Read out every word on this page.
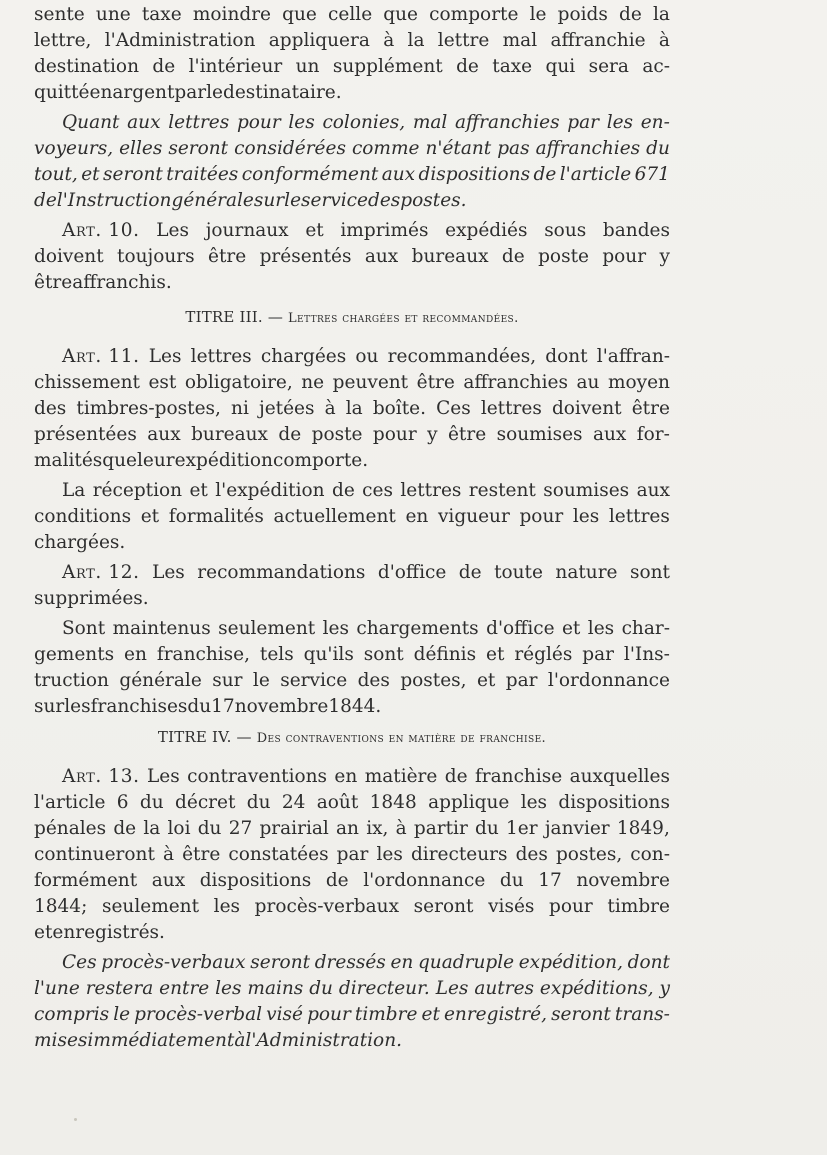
sente une taxe moindre que celle que comporte le poids de la
lettre, l'Administration appliquera à la lettre mal affranchie à
destination de l'intérieur un supplément de taxe qui sera ac-
quitté en argent par le destinataire.
Quant aux lettres pour les colonies, mal affranchies par les en-
voyeurs, elles seront considérées comme n'étant pas affranchies du
tout, et seront traitées conformément aux dispositions de l'article 671
de l'Instruction générale sur le service des postes.
Art. 10. Les journaux et imprimés expédiés sous bandes
doivent toujours être présentés aux bureaux de poste pour y
être affranchis.
TITRE III. — Lettres chargées et recommandées.
Art. 11. Les lettres chargées ou recommandées, dont l'affran-
chissement est obligatoire, ne peuvent être affranchies au moyen
des timbres-postes, ni jetées à la boîte. Ces lettres doivent être
présentées aux bureaux de poste pour y être soumises aux for-
malités que leur expédition comporte.
La réception et l'expédition de ces lettres restent soumises aux
conditions et formalités actuellement en vigueur pour les lettres
chargées.
Art. 12. Les recommandations d'office de toute nature sont
supprimées.
Sont maintenus seulement les chargements d'office et les char-
gements en franchise, tels qu'ils sont définis et réglés par l'Ins-
truction générale sur le service des postes, et par l'ordonnance
sur les franchises du 17 novembre 1844.
TITRE IV. — Des contraventions en matière de franchise.
Art. 13. Les contraventions en matière de franchise auxquelles
l'article 6 du décret du 24 août 1848 applique les dispositions
pénales de la loi du 27 prairial an ix, à partir du 1er janvier 1849,
continueront à être constatées par les directeurs des postes, con-
formément aux dispositions de l'ordonnance du 17 novembre
1844; seulement les procès-verbaux seront visés pour timbre
et enregistrés.
Ces procès-verbaux seront dressés en quadruple expédition, dont
l'une restera entre les mains du directeur. Les autres expéditions, y
compris le procès-verbal visé pour timbre et enregistré, seront trans-
mises immédiatement à l'Administration.
